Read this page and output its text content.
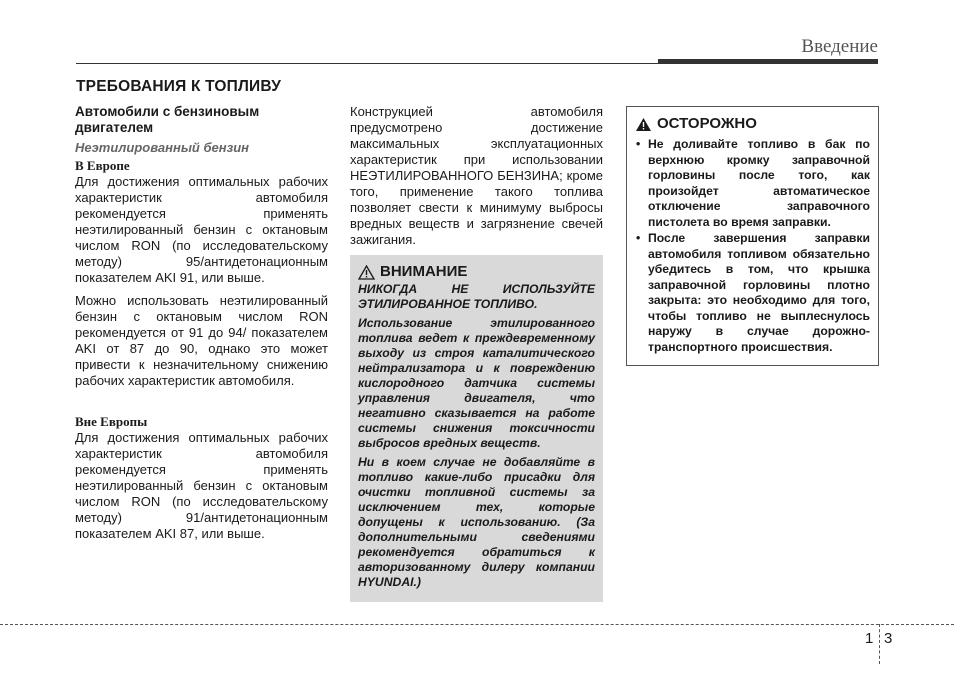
Введение
ТРЕБОВАНИЯ К ТОПЛИВУ
Автомобили с бензиновым двигателем
Неэтилированный бензин
В Европе

Для достижения оптимальных рабочих характеристик автомобиля рекомендуется применять неэтилированный бензин с октановым числом RON (по исследовательскому методу) 95/антидетонационным показателем AKI 91, или выше.

Можно использовать неэтилированный бензин с октановым числом RON рекомендуется от 91 до 94/ показателем AKI от 87 до 90, однако это может привести к незначительному снижению рабочих характеристик автомобиля.

Вне Европы

Для достижения оптимальных рабочих характеристик автомобиля рекомендуется применять неэтилированный бензин с октановым числом RON (по исследовательскому методу) 91/антидетонационным показателем AKI 87, или выше.

Конструкцией автомобиля предусмотрено достижение максимальных эксплуатационных характеристик при использовании НЕЭТИЛИРОВАННОГО БЕНЗИНА; кроме того, применение такого топлива позволяет свести к минимуму выбросы вредных веществ и загрязнение свечей зажигания.

ВНИМАНИЕ

НИКОГДА НЕ ИСПОЛЬЗУЙТЕ ЭТИЛИРОВАННОЕ ТОПЛИВО.

Использование этилированного топлива ведет к преждевременному выходу из строя каталитического нейтрализатора и к повреждению кислородного датчика системы управления двигателя, что негативно сказывается на работе системы снижения токсичности выбросов вредных веществ.

Ни в коем случае не добавляйте в топливо какие-либо присадки для очистки топливной системы за исключением тех, которые допущены к использованию. (За дополнительными сведениями рекомендуется обратиться к авторизованному дилеру компании HYUNDAI.)

ОСТОРОЖНО
• Не доливайте топливо в бак по верхнюю кромку заправочной горловины после того, как произойдет автоматическое отключение заправочного пистолета во время заправки.
• После завершения заправки автомобиля топливом обязательно убедитесь в том, что крышка заправочной горловины плотно закрыта: это необходимо для того, чтобы топливо не выплеснулось наружу в случае дорожно-транспортного происшествия.
1 3
